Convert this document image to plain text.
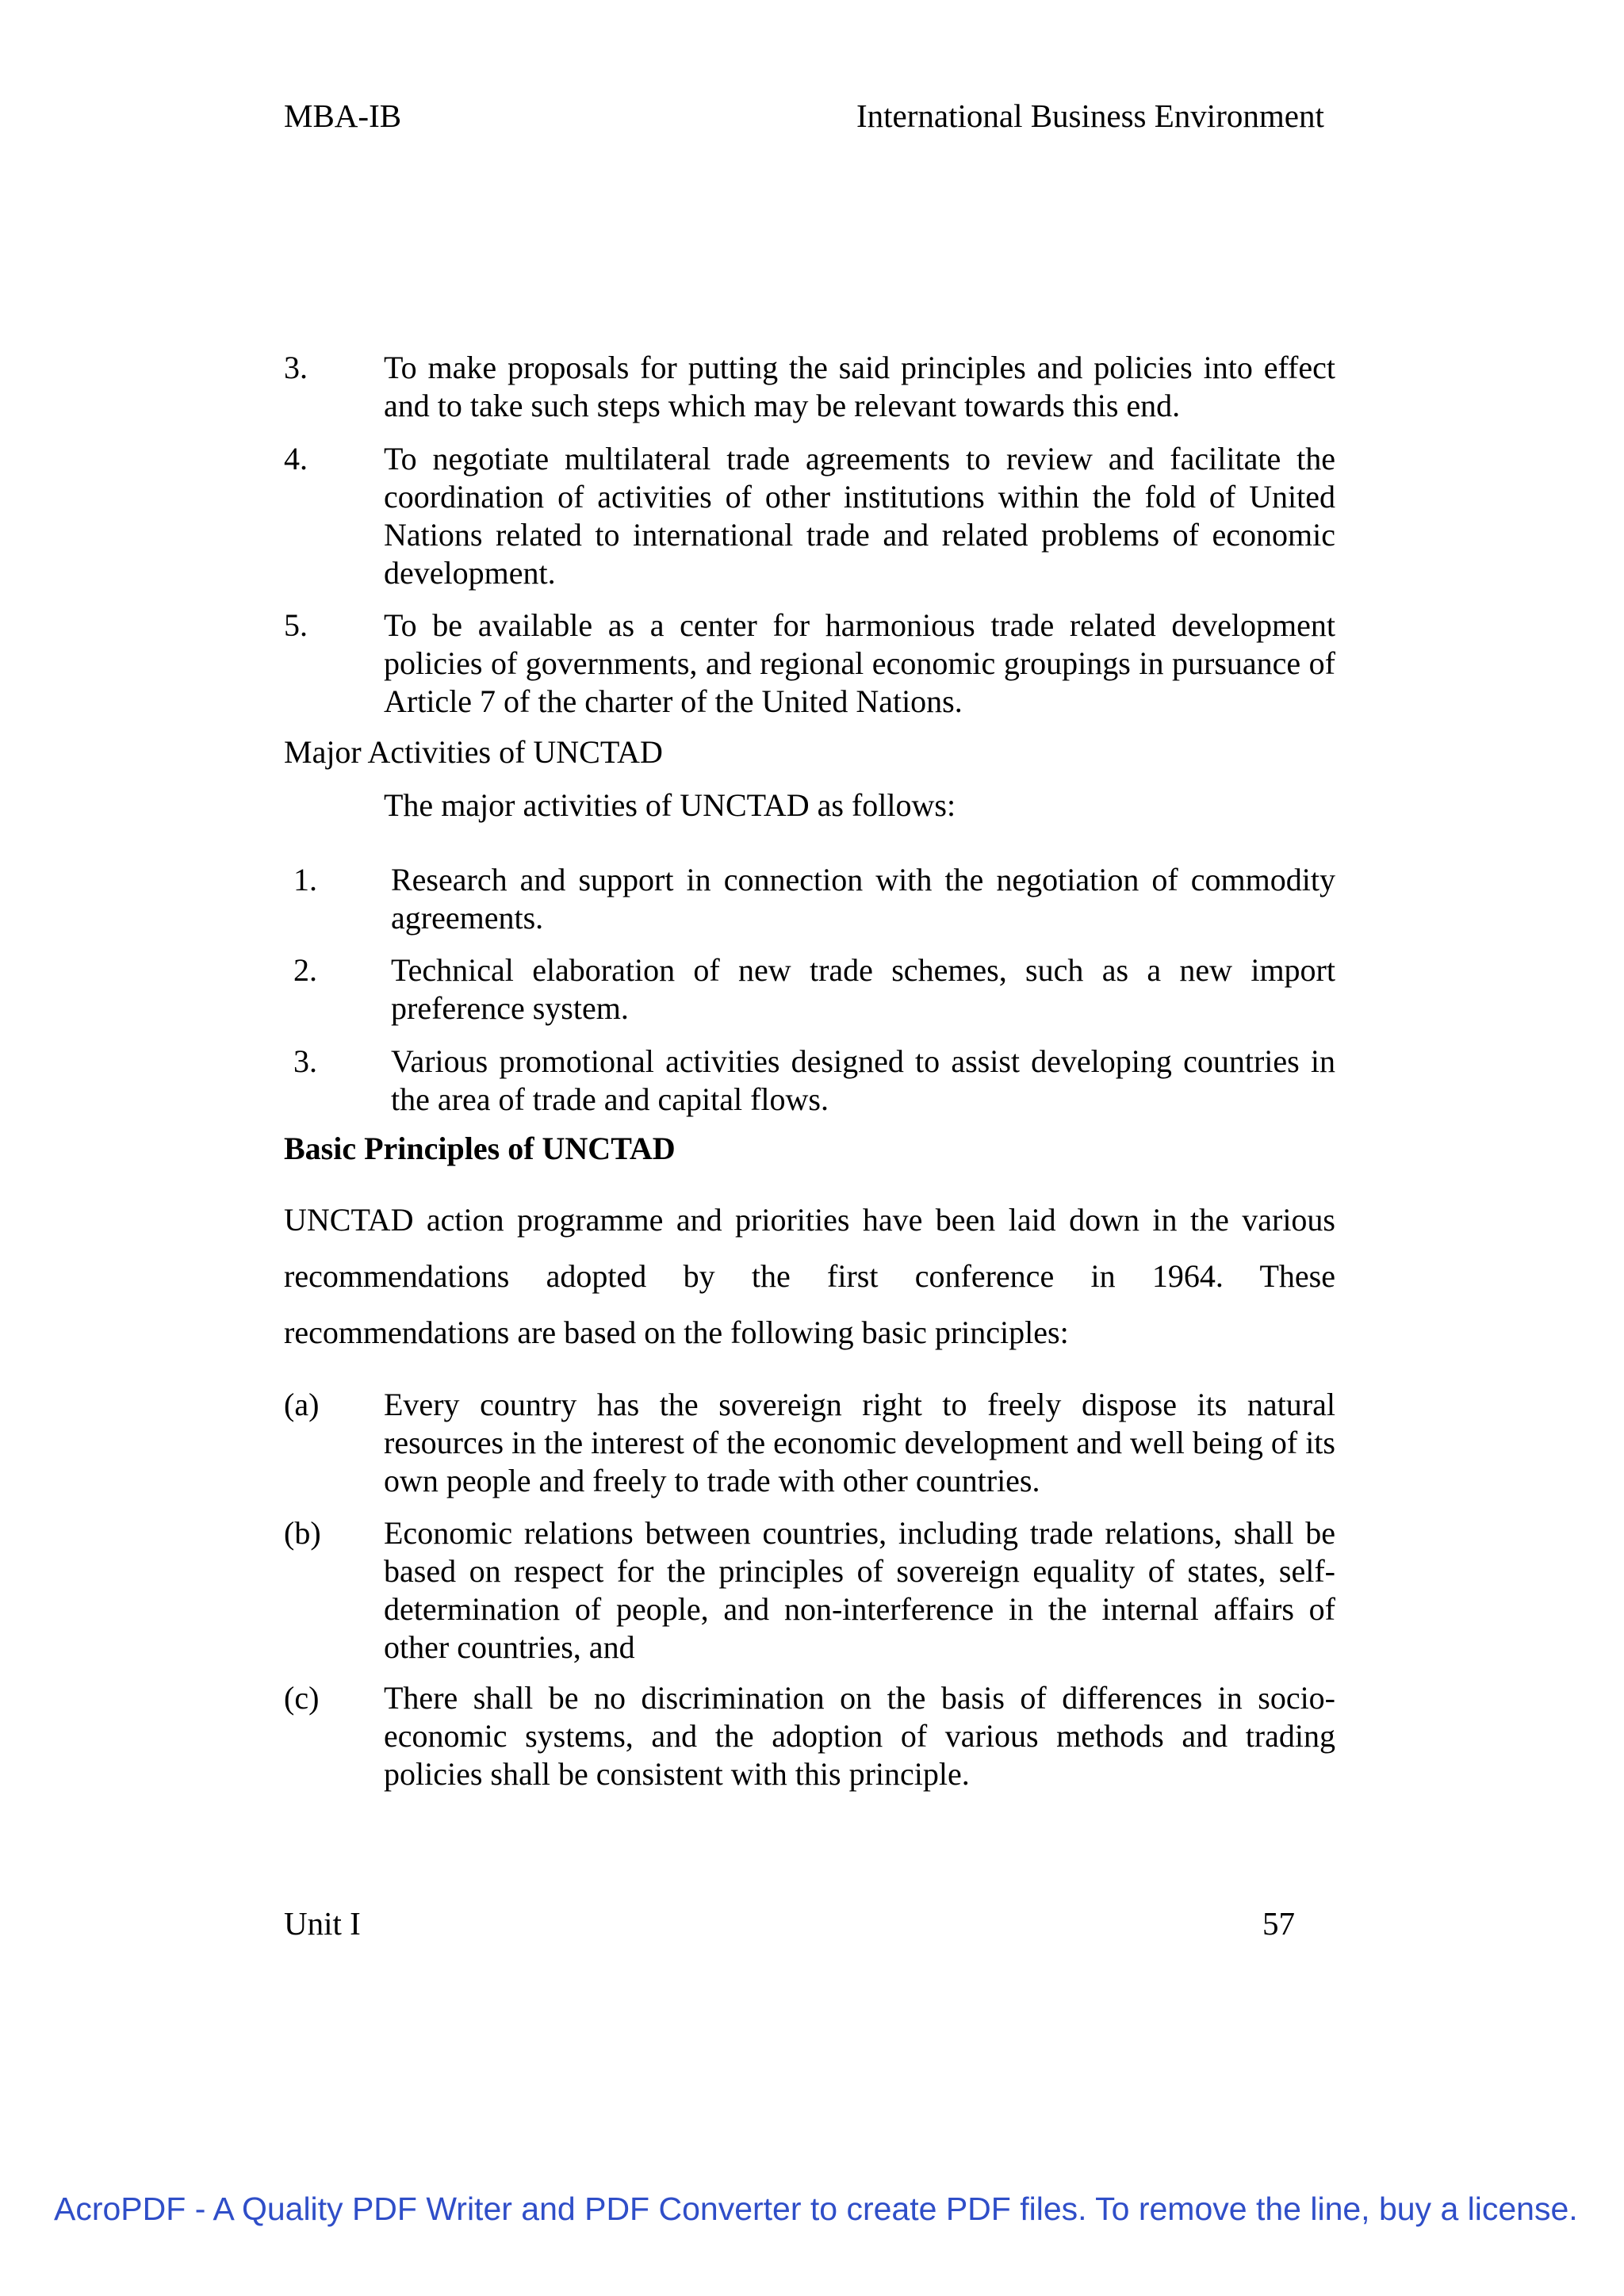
MBA-IB	International Business Environment
3. To make proposals for putting the said principles and policies into effect and to take such steps which may be relevant towards this end.
4. To negotiate multilateral trade agreements to review and facilitate the coordination of activities of other institutions within the fold of United Nations related to international trade and related problems of economic development.
5. To be available as a center for harmonious trade related development policies of governments, and regional economic groupings in pursuance of Article 7 of the charter of the United Nations.
Major Activities of UNCTAD
The major activities of UNCTAD as follows:
1. Research and support in connection with the negotiation of commodity agreements.
2. Technical elaboration of new trade schemes, such as a new import preference system.
3. Various promotional activities designed to assist developing countries in the area of trade and capital flows.
Basic Principles of UNCTAD
UNCTAD action programme and priorities have been laid down in the various recommendations adopted by the first conference in 1964. These recommendations are based on the following basic principles:
(a) Every country has the sovereign right to freely dispose its natural resources in the interest of the economic development and well being of its own people and freely to trade with other countries.
(b) Economic relations between countries, including trade relations, shall be based on respect for the principles of sovereign equality of states, self-determination of people, and non-interference in the internal affairs of other countries, and
(c) There shall be no discrimination on the basis of differences in socio-economic systems, and the adoption of various methods and trading policies shall be consistent with this principle.
Unit I	57
AcroPDF - A Quality PDF Writer and PDF Converter to create PDF files. To remove the line, buy a license.
